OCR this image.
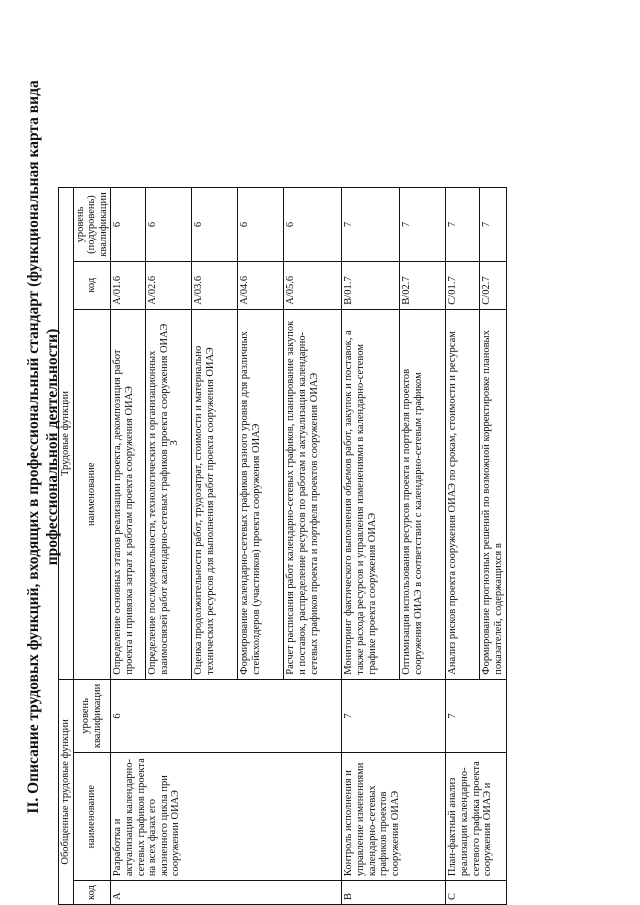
3
II. Описание трудовых функций, входящих в профессиональный стандарт (функциональная карта вида профессиональной деятельности)
Обобщенные трудовые функции			Трудовые функции		
код	наименование	уровень квалификации	наименование	код	уровень (подуровень) квалификации
А	Разработка и актуализация календарно-сетевых графиков проекта на всех фазах его жизненного цикла при сооружении ОИАЭ	6	Определение основных этапов реализации проекта, декомпозиция работ проекта и привязка затрат к работам проекта сооружения ОИАЭ	А/01.6	6
			Определение последовательности, технологических и организационных взаимосвязей работ календарно-сетевых графиков проекта сооружения ОИАЭ	А/02.6	6
			Оценка продолжительности работ, трудозатрат, стоимости и материально технических ресурсов для выполнения работ проекта сооружения ОИАЭ	А/03.6	6
			Формирование календарно-сетевых графиков разного уровня для различных стейкхолдеров (участников) проекта сооружения ОИАЭ	А/04.6	6
			Расчет расписания работ календарно-сетевых графиков, планирование закупок и поставок, распределение ресурсов по работам и актуализация календарно-сетевых графиков проекта и портфеля проектов сооружения ОИАЭ	А/05.6	6
В	Контроль исполнения и управление изменениями календарно-сетевых графиков проектов сооружения ОИАЭ	7	Мониторинг фактического выполнения объемов работ, закупок и поставок, а также расхода ресурсов и управления изменениями в календарно-сетевом графике проекта сооружения ОИАЭ	В/01.7	7
			Оптимизация использования ресурсов проекта и портфеля проектов сооружения ОИАЭ в соответствии с календарно-сетевым графиком	В/02.7	7
С	План-фактный анализ реализации календарно-сетевого графика проекта сооружения ОИАЭ и	7	Анализ рисков проекта сооружения ОИАЭ по срокам, стоимости и ресурсам	С/01.7	7
			Формирование прогнозных решений по возможной корректировке плановых показателей, содержащихся в	С/02.7	7
